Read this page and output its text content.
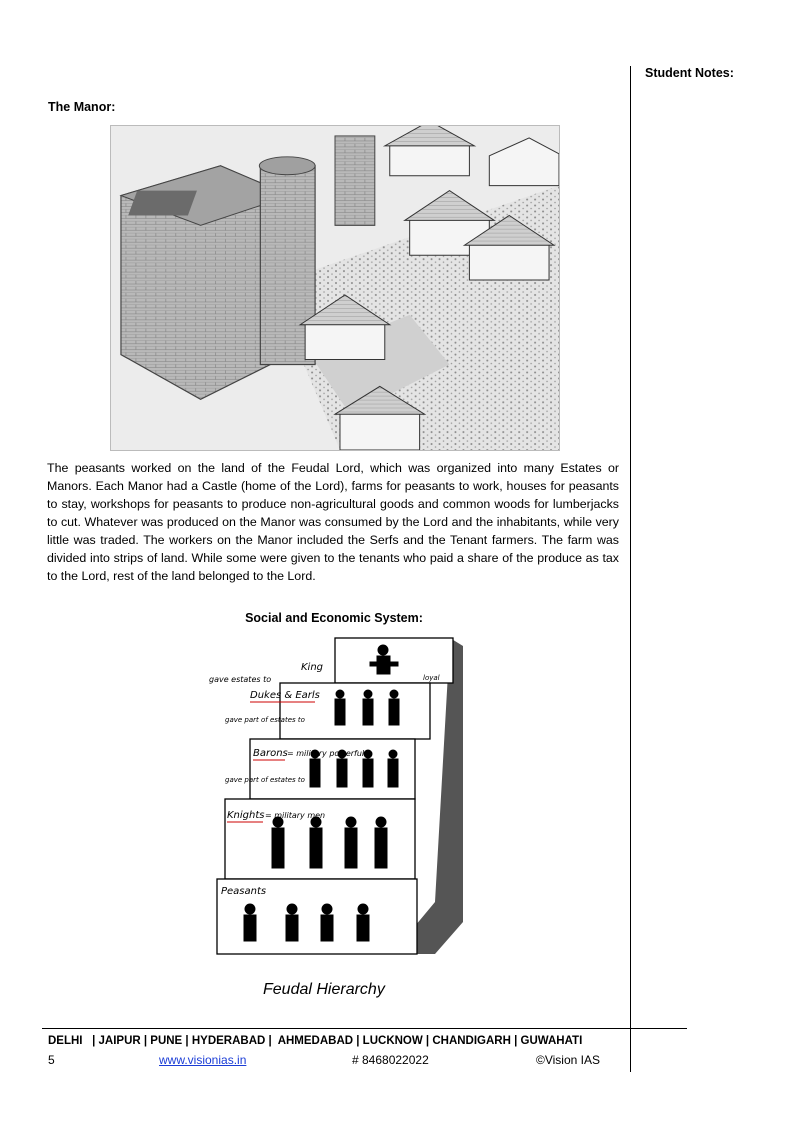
Student Notes:
The Manor:

The peasants worked on the land of the Feudal Lord, which was organized into many Estates or Manors. Each Manor had a Castle (home of the Lord), farms for peasants to work, houses for peasants to stay, workshops for peasants to produce non-agricultural goods and common woods for lumberjacks to cut. Whatever was produced on the Manor was consumed by the Lord and the inhabitants, while very little was traded. The workers on the Manor included the Serfs and the Tenant farmers. The farm was divided into strips of land. While some were given to the tenants who paid a share of the produce as tax to the Lord, rest of the land belonged to the Lord.

Social and Economic System:
gave estates to
King
Dukes & Earls
gave part of estates to
Barons = military powerful
gave part of estates to
Knights = military men
Peasants
loyal
Feudal Hierarchy
DELHI   | JAIPUR | PUNE | HYDERABAD |  AHMEDABAD | LUCKNOW | CHANDIGARH | GUWAHATI
5	www.visionias.in	# 8468022022	©Vision IAS
